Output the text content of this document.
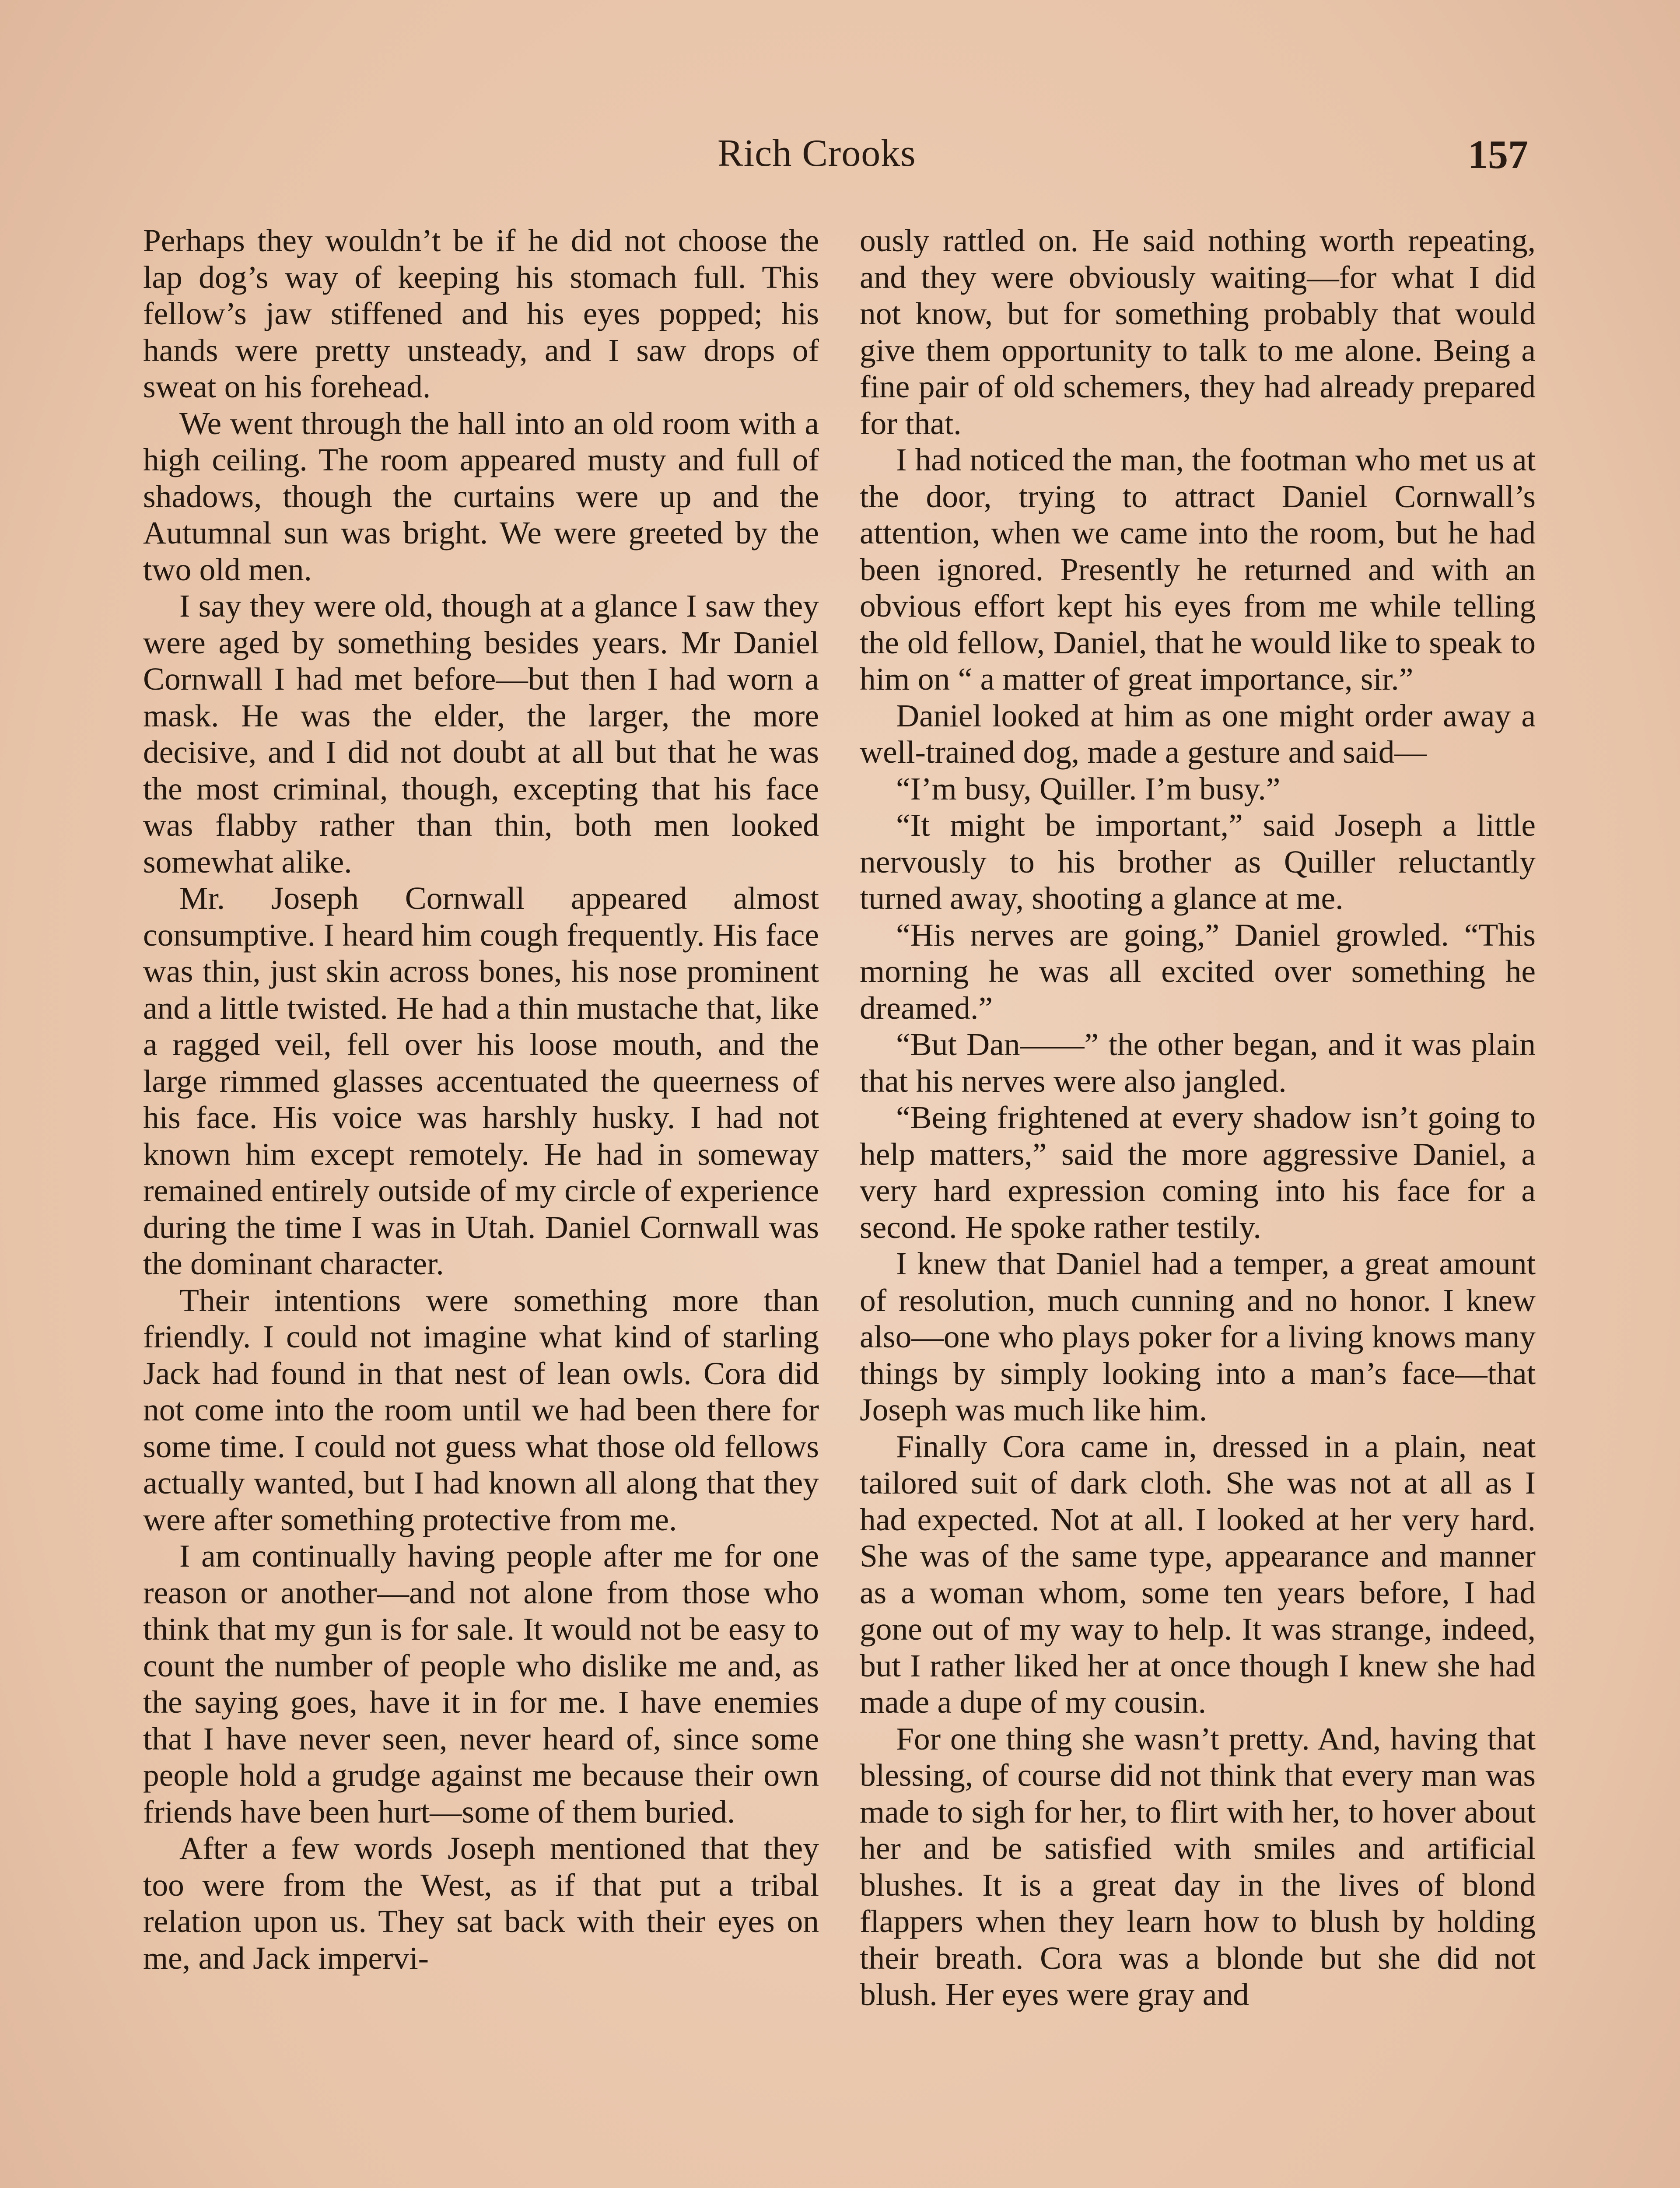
Rich Crooks	157

Perhaps they wouldn’t be if he did not choose the lap dog’s way of keeping his stomach full. This fellow’s jaw stiffened and his eyes popped; his hands were pretty unsteady, and I saw drops of sweat on his forehead.

We went through the hall into an old room with a high ceiling. The room appeared musty and full of shadows, though the curtains were up and the Autumnal sun was bright. We were greeted by the two old men.

I say they were old, though at a glance I saw they were aged by something besides years. Mr Daniel Cornwall I had met before—but then I had worn a mask. He was the elder, the larger, the more decisive, and I did not doubt at all but that he was the most criminal, though, excepting that his face was flabby rather than thin, both men looked somewhat alike.

Mr. Joseph Cornwall appeared almost consumptive. I heard him cough frequently. His face was thin, just skin across bones, his nose prominent and a little twisted. He had a thin mustache that, like a ragged veil, fell over his loose mouth, and the large rimmed glasses accentuated the queerness of his face. His voice was harshly husky. I had not known him except remotely. He had in someway remained entirely outside of my circle of experience during the time I was in Utah. Daniel Cornwall was the dominant character.

Their intentions were something more than friendly. I could not imagine what kind of starling Jack had found in that nest of lean owls. Cora did not come into the room until we had been there for some time. I could not guess what those old fellows actually wanted, but I had known all along that they were after something protective from me.

I am continually having people after me for one reason or another—and not alone from those who think that my gun is for sale. It would not be easy to count the number of people who dislike me and, as the saying goes, have it in for me. I have enemies that I have never seen, never heard of, since some people hold a grudge against me because their own friends have been hurt—some of them buried.

After a few words Joseph mentioned that they too were from the West, as if that put a tribal relation upon us. They sat back with their eyes on me, and Jack impervi-

ously rattled on. He said nothing worth repeating, and they were obviously waiting—for what I did not know, but for something probably that would give them opportunity to talk to me alone. Being a fine pair of old schemers, they had already prepared for that.

I had noticed the man, the footman who met us at the door, trying to attract Daniel Cornwall’s attention, when we came into the room, but he had been ignored. Presently he returned and with an obvious effort kept his eyes from me while telling the old fellow, Daniel, that he would like to speak to him on “ a matter of great importance, sir.”

Daniel looked at him as one might order away a well-trained dog, made a gesture and said—

“I’m busy, Quiller. I’m busy.”

“It might be important,” said Joseph a little nervously to his brother as Quiller reluctantly turned away, shooting a glance at me.

“His nerves are going,” Daniel growled. “This morning he was all excited over something he dreamed.”

“But Dan——” the other began, and it was plain that his nerves were also jangled.

“Being frightened at every shadow isn’t going to help matters,” said the more aggressive Daniel, a very hard expression coming into his face for a second. He spoke rather testily.

I knew that Daniel had a temper, a great amount of resolution, much cunning and no honor. I knew also—one who plays poker for a living knows many things by simply looking into a man’s face—that Joseph was much like him.

Finally Cora came in, dressed in a plain, neat tailored suit of dark cloth. She was not at all as I had expected. Not at all. I looked at her very hard. She was of the same type, appearance and manner as a woman whom, some ten years before, I had gone out of my way to help. It was strange, indeed, but I rather liked her at once though I knew she had made a dupe of my cousin.

For one thing she wasn’t pretty. And, having that blessing, of course did not think that every man was made to sigh for her, to flirt with her, to hover about her and be satisfied with smiles and artificial blushes. It is a great day in the lives of blond flappers when they learn how to blush by holding their breath. Cora was a blonde but she did not blush. Her eyes were gray and
